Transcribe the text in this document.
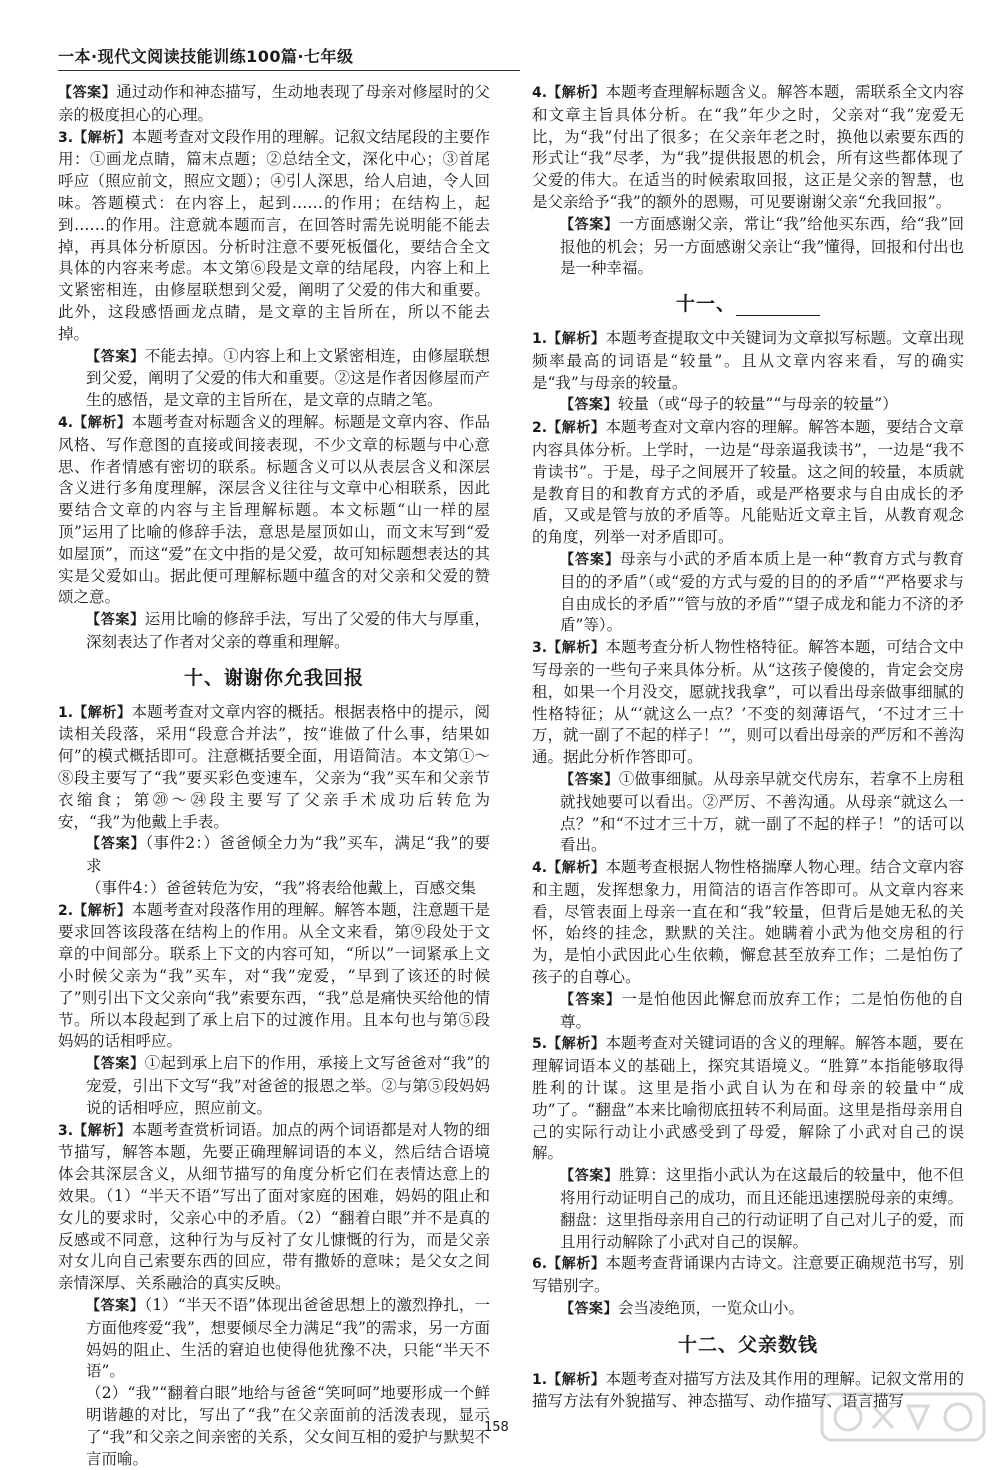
一本·现代文阅读技能训练100篇·七年级

【答案】通过动作和神态描写，生动地表现了母亲对修屋时的父亲的极度担心的心理。

3.【解析】本题考查对文段作用的理解。记叙文结尾段的主要作用：①画龙点睛，篇末点题；②总结全文，深化中心；③首尾呼应（照应前文，照应文题）；④引人深思，给人启迪，令人回味。答题模式：在内容上，起到……的作用；在结构上，起到……的作用。注意就本题而言，在回答时需先说明能不能去掉，再具体分析原因。分析时注意不要死板僵化，要结合全文具体的内容来考虑。本文第⑥段是文章的结尾段，内容上和上文紧密相连，由修屋联想到父爱，阐明了父爱的伟大和重要。此外，这段感悟画龙点睛，是文章的主旨所在，所以不能去掉。

【答案】不能去掉。①内容上和上文紧密相连，由修屋联想到父爱，阐明了父爱的伟大和重要。②这是作者因修屋而产生的感悟，是文章的主旨所在，是文章的点睛之笔。

4.【解析】本题考查对标题含义的理解。标题是文章内容、作品风格、写作意图的直接或间接表现，不少文章的标题与中心意思、作者情感有密切的联系。标题含义可以从表层含义和深层含义进行多角度理解，深层含义往往与文章中心相联系，因此要结合文章的内容与主旨理解标题。本文标题“山一样的屋顶”运用了比喻的修辞手法，意思是屋顶如山，而文末写到“爱如屋顶”，而这“爱”在文中指的是父爱，故可知标题想表达的其实是父爱如山。据此便可理解标题中蕴含的对父亲和父爱的赞颂之意。

【答案】运用比喻的修辞手法，写出了父爱的伟大与厚重，深刻表达了作者对父亲的尊重和理解。

十、谢谢你允我回报

1.【解析】本题考查对文章内容的概括。根据表格中的提示，阅读相关段落，采用“段意合并法”，按“谁做了什么事，结果如何”的模式概括即可。注意概括要全面，用语简洁。本文第①～⑧段主要写了“我”要买彩色变速车，父亲为“我”买车和父亲节衣缩食；第⑳～㉔段主要写了父亲手术成功后转危为安，“我”为他戴上手表。

【答案】（事件2：）爸爸倾全力为“我”买车，满足“我”的要求

（事件4：）爸爸转危为安，“我”将表给他戴上，百感交集

2.【解析】本题考查对段落作用的理解。解答本题，注意题干是要求回答该段落在结构上的作用。从全文来看，第⑨段处于文章的中间部分。联系上下文的内容可知，“所以”一词紧承上文小时候父亲为“我”买车，对“我”宠爱，“早到了该还的时候了”则引出下文父亲向“我”索要东西，“我”总是痛快买给他的情节。所以本段起到了承上启下的过渡作用。且本句也与第⑤段妈妈的话相呼应。

【答案】①起到承上启下的作用，承接上文写爸爸对“我”的宠爱，引出下文写“我”对爸爸的报恩之举。②与第⑤段妈妈说的话相呼应，照应前文。

3.【解析】本题考查赏析词语。加点的两个词语都是对人物的细节描写，解答本题，先要正确理解词语的本义，然后结合语境体会其深层含义，从细节描写的角度分析它们在表情达意上的效果。（1）“半天不语”写出了面对家庭的困难，妈妈的阻止和女儿的要求时，父亲心中的矛盾。（2）“翻着白眼”并不是真的反感或不同意，这种行为与反衬了女儿慷慨的行为，而是父亲对女儿向自己索要东西的回应，带有撒娇的意味；是父女之间亲情深厚、关系融洽的真实反映。

【答案】（1）“半天不语”体现出爸爸思想上的激烈挣扎，一方面他疼爱“我”，想要倾尽全力满足“我”的需求，另一方面妈妈的阻止、生活的窘迫也使得他犹豫不决，只能“半天不语”。

（2）“我”“翻着白眼”地给与爸爸“笑呵呵”地要形成一个鲜明谐趣的对比，写出了“我”在父亲面前的活泼表现，显示了“我”和父亲之间亲密的关系，父女间互相的爱护与默契不言而喻。

4.【解析】本题考查理解标题含义。解答本题，需联系全文内容和文章主旨具体分析。在“我”年少之时，父亲对“我”宠爱无比，为“我”付出了很多；在父亲年老之时，换他以索要东西的形式让“我”尽孝，为“我”提供报恩的机会，所有这些都体现了父爱的伟大。在适当的时候索取回报，这正是父亲的智慧，也是父亲给予“我”的额外的恩赐，可见要谢谢父亲“允我回报”。

【答案】一方面感谢父亲，常让“我”给他买东西，给“我”回报他的机会；另一方面感谢父亲让“我”懂得，回报和付出也是一种幸福。

十一、

1.【解析】本题考查提取文中关键词为文章拟写标题。文章出现频率最高的词语是“较量”。且从文章内容来看，写的确实是“我”与母亲的较量。

【答案】较量（或“母子的较量”“与母亲的较量”）

2.【解析】本题考查对文章内容的理解。解答本题，要结合文章内容具体分析。上学时，一边是“母亲逼我读书”，一边是“我不肯读书”。于是，母子之间展开了较量。这之间的较量，本质就是教育目的和教育方式的矛盾，或是严格要求与自由成长的矛盾，又或是管与放的矛盾等。凡能贴近文章主旨，从教育观念的角度，列举一对矛盾即可。

【答案】母亲与小武的矛盾本质上是一种“教育方式与教育目的的矛盾”（或“爱的方式与爱的目的的矛盾”“严格要求与自由成长的矛盾”“管与放的矛盾”“望子成龙和能力不济的矛盾”等）。

3.【解析】本题考查分析人物性格特征。解答本题，可结合文中写母亲的一些句子来具体分析。从“这孩子傻傻的，肯定会交房租，如果一个月没交，愿就找我拿”，可以看出母亲做事细腻的性格特征；从“‘就这么一点？’不变的刻薄语气，‘不过才三十万，就一副了不起的样子！’”，则可以看出母亲的严厉和不善沟通。据此分析作答即可。

【答案】①做事细腻。从母亲早就交代房东，若拿不上房租就找她要可以看出。②严厉、不善沟通。从母亲“就这么一点？”和“不过才三十万，就一副了不起的样子！”的话可以看出。

4.【解析】本题考查根据人物性格揣摩人物心理。结合文章内容和主题，发挥想象力，用简洁的语言作答即可。从文章内容来看，尽管表面上母亲一直在和“我”较量，但背后是她无私的关怀，始终的挂念，默默的关注。她瞒着小武为他交房租的行为，是怕小武因此心生依赖，懈怠甚至放弃工作；二是怕伤了孩子的自尊心。

【答案】一是怕他因此懈怠而放弃工作；二是怕伤他的自尊。

5.【解析】本题考查对关键词语的含义的理解。解答本题，要在理解词语本义的基础上，探究其语境义。“胜算”本指能够取得胜利的计谋。这里是指小武自认为在和母亲的较量中“成功”了。“翻盘”本来比喻彻底扭转不利局面。这里是指母亲用自己的实际行动让小武感受到了母爱，解除了小武对自己的误解。

【答案】胜算：这里指小武认为在这最后的较量中，他不但将用行动证明自己的成功，而且还能迅速摆脱母亲的束缚。

翻盘：这里指母亲用自己的行动证明了自己对儿子的爱，而且用行动解除了小武对自己的误解。

6.【解析】本题考查背诵课内古诗文。注意要正确规范书写，别写错别字。

【答案】会当凌绝顶，一览众山小。

十二、父亲数钱

1.【解析】本题考查对描写方法及其作用的理解。记叙文常用的描写方法有外貌描写、神态描写、动作描写、语言描写

158
